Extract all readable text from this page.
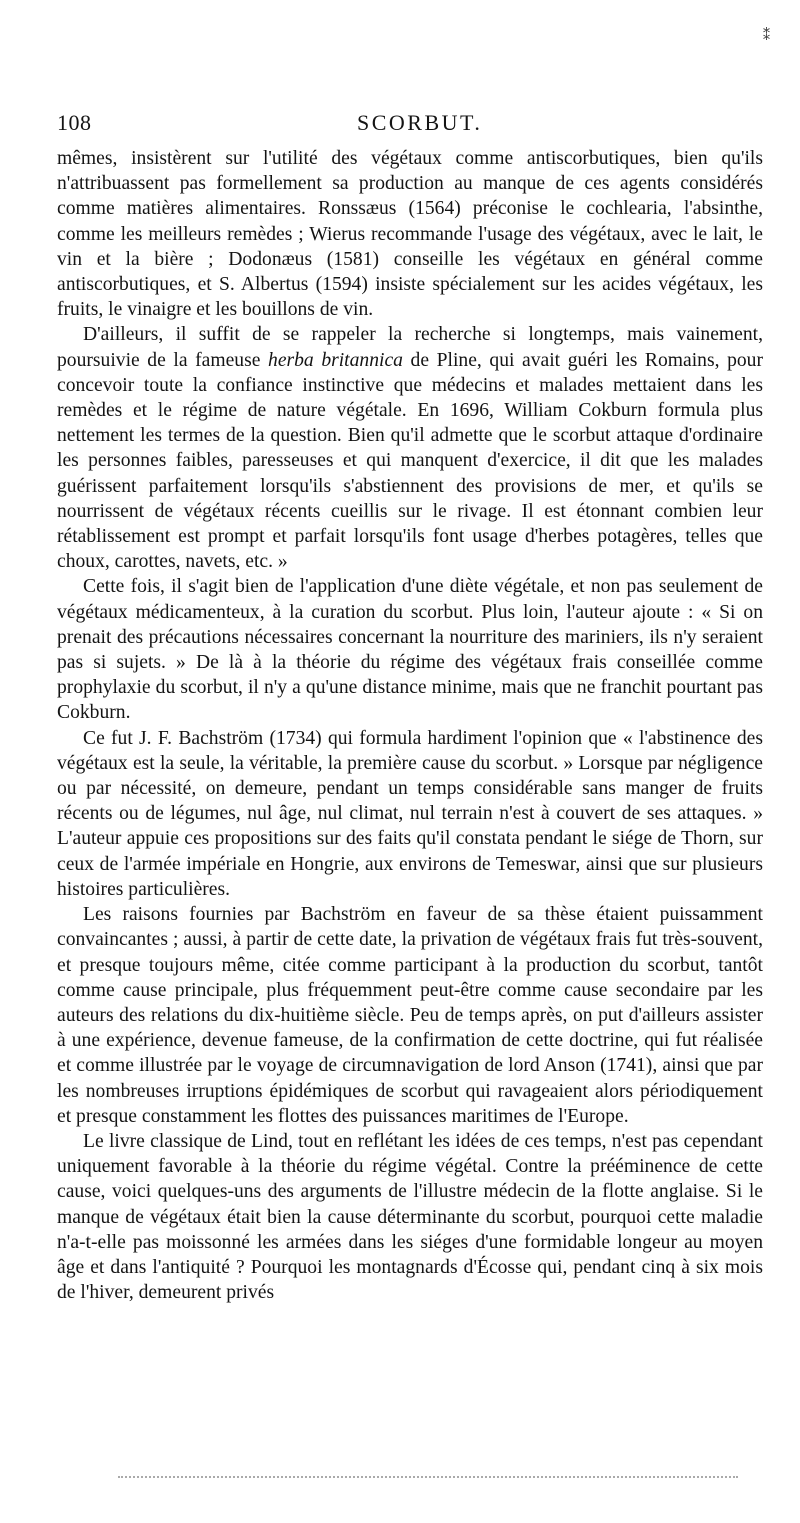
⁑
108	SCORBUT.

mêmes, insistèrent sur l'utilité des végétaux comme antiscorbutiques, bien qu'ils n'attribuassent pas formellement sa production au manque de ces agents considérés comme matières alimentaires. Ronssæus (1564) préconise le cochlearia, l'absinthe, comme les meilleurs remèdes ; Wierus recommande l'usage des végétaux, avec le lait, le vin et la bière ; Dodonæus (1581) conseille les végétaux en général comme antiscorbutiques, et S. Albertus (1594) insiste spécialement sur les acides végétaux, les fruits, le vinaigre et les bouillons de vin.

D'ailleurs, il suffit de se rappeler la recherche si longtemps, mais vainement, poursuivie de la fameuse herba britannica de Pline, qui avait guéri les Romains, pour concevoir toute la confiance instinctive que médecins et malades mettaient dans les remèdes et le régime de nature végétale. En 1696, William Cokburn formula plus nettement les termes de la question. Bien qu'il admette que le scorbut attaque d'ordinaire les personnes faibles, paresseuses et qui manquent d'exercice, il dit que les malades guérissent parfaitement lorsqu'ils s'abstiennent des provisions de mer, et qu'ils se nourrissent de végétaux récents cueillis sur le rivage. Il est étonnant combien leur rétablissement est prompt et parfait lorsqu'ils font usage d'herbes potagères, telles que choux, carottes, navets, etc. »

Cette fois, il s'agit bien de l'application d'une diète végétale, et non pas seulement de végétaux médicamenteux, à la curation du scorbut. Plus loin, l'auteur ajoute : « Si on prenait des précautions nécessaires concernant la nourriture des mariniers, ils n'y seraient pas si sujets. » De là à la théorie du régime des végétaux frais conseillée comme prophylaxie du scorbut, il n'y a qu'une distance minime, mais que ne franchit pourtant pas Cokburn.

Ce fut J. F. Bachström (1734) qui formula hardiment l'opinion que « l'abstinence des végétaux est la seule, la véritable, la première cause du scorbut. » Lorsque par négligence ou par nécessité, on demeure, pendant un temps considérable sans manger de fruits récents ou de légumes, nul âge, nul climat, nul terrain n'est à couvert de ses attaques. » L'auteur appuie ces propositions sur des faits qu'il constata pendant le siége de Thorn, sur ceux de l'armée impériale en Hongrie, aux environs de Temeswar, ainsi que sur plusieurs histoires particulières.

Les raisons fournies par Bachström en faveur de sa thèse étaient puissamment convaincantes ; aussi, à partir de cette date, la privation de végétaux frais fut très-souvent, et presque toujours même, citée comme participant à la production du scorbut, tantôt comme cause principale, plus fréquemment peut-être comme cause secondaire par les auteurs des relations du dix-huitième siècle. Peu de temps après, on put d'ailleurs assister à une expérience, devenue fameuse, de la confirmation de cette doctrine, qui fut réalisée et comme illustrée par le voyage de circumnavigation de lord Anson (1741), ainsi que par les nombreuses irruptions épidémiques de scorbut qui ravageaient alors périodiquement et presque constamment les flottes des puissances maritimes de l'Europe.

Le livre classique de Lind, tout en reflétant les idées de ces temps, n'est pas cependant uniquement favorable à la théorie du régime végétal. Contre la prééminence de cette cause, voici quelques-uns des arguments de l'illustre médecin de la flotte anglaise. Si le manque de végétaux était bien la cause déterminante du scorbut, pourquoi cette maladie n'a-t-elle pas moissonné les armées dans les siéges d'une formidable longeur au moyen âge et dans l'antiquité ? Pourquoi les montagnards d'Écosse qui, pendant cinq à six mois de l'hiver, demeurent privés
